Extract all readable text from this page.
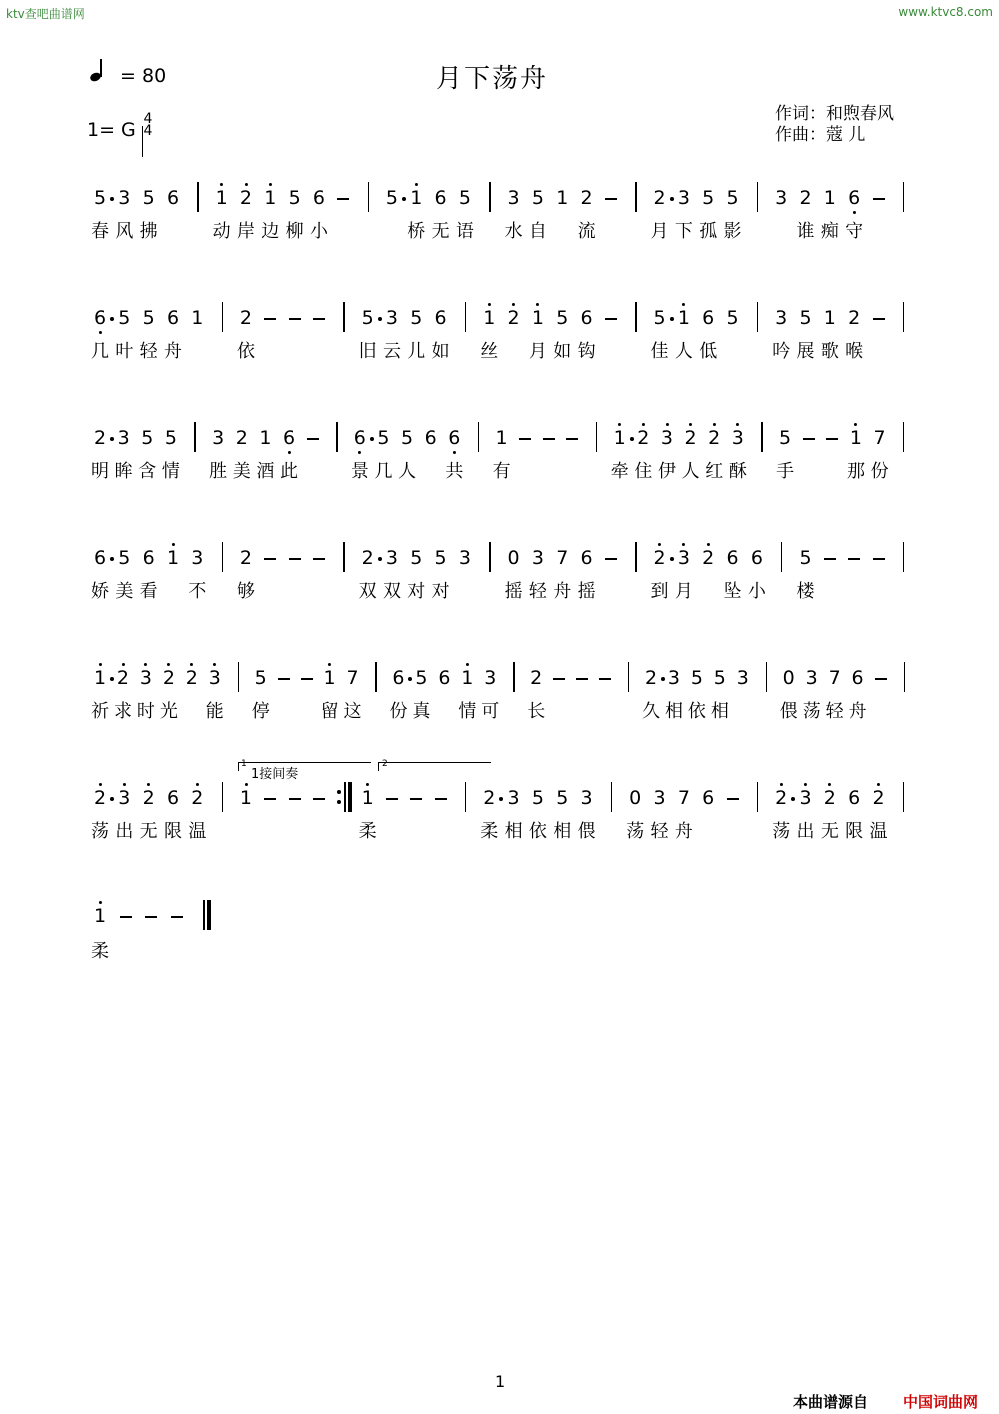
ktv查吧曲谱网	www.ktvc8.com
月下荡舟
= 80
1= G 4
4
作词：和煦春风
作曲：蔻 儿
5 3 5 6 1 2 1 5 6	5 1 6 5 3 5 1 2	2 3 5 5 3 2 1 6
春 风 拂	动 岸 边 柳 小	桥 无 语 水 自 流	月 下 孤 影	谁 痴 守
6 5 5 6 1 2	5 3 5 6 1 2 1 5 6	5 1 6 5 3 5 1 2
几 叶 轻 舟	依	旧 云 儿 如 丝 月 如 钩	佳 人 低	吟 展 歌 喉
2 3 5 5 3 2 1 6	6 5 5 6 6 1	1 2 3 2 2 3 5	1 7
明 眸 含 情 胜 美 酒 此	景 几 人 共 有	牵 住 伊 人 红 酥 手	那 份
6 5 6 1 3 2	2 3 5 5 3 0 3 7 6	2 3 2 6 6 5
娇 美 看 不 够	双 双 对 对	摇 轻 舟 摇	到 月 坠 小 楼
1 2 3 2 2 3 5	1 7 6 5 6 1 3 2	2 3 5 5 3 0 3 7 6
祈 求 时 光 能 停	留 这 份 真 情 可 长	久 相 依 相	偎 荡 轻 舟
2 3 2 6 2 1	1	2 3 5 5 3 0 3 7 6	2 3 2 6 2
荡 出 无 限 温	柔	柔 相 依 相 偎 荡 轻 舟	荡 出 无 限 温
1
柔
1
1接间奏
2
1
本曲谱源自 中国词曲网
